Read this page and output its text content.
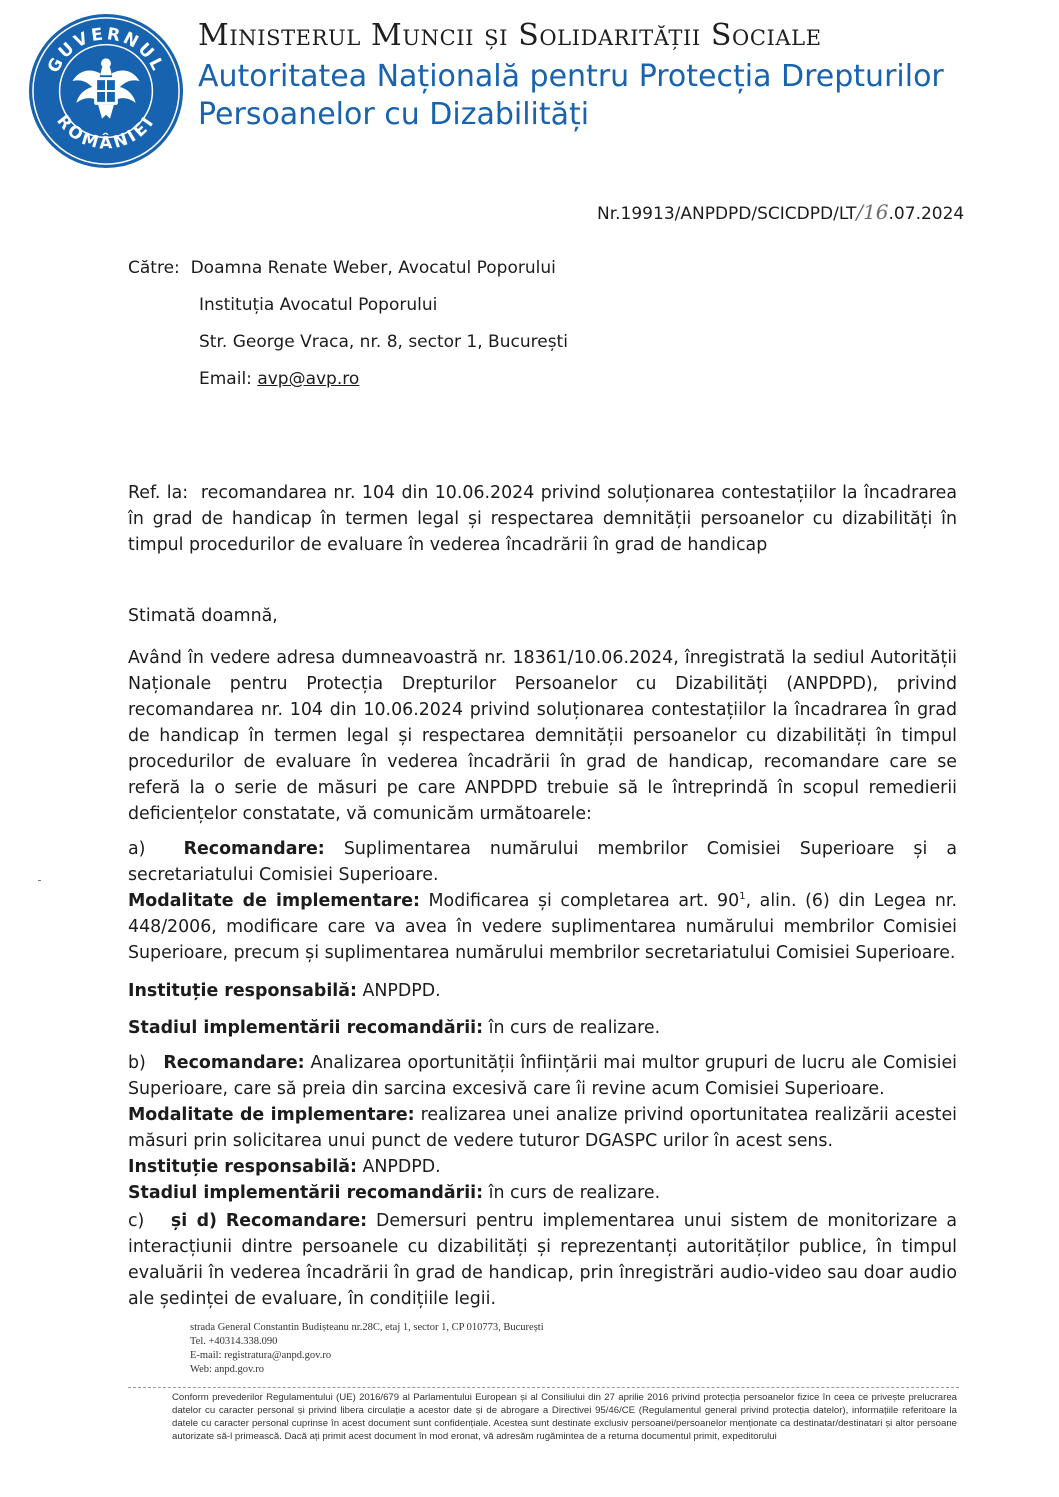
GUVERNUL
ROMÂNIEI
Ministerul Muncii și Solidarității Sociale
Autoritatea Națională pentru Protecția Drepturilor
Persoanelor cu Dizabilități
Nr.19913/ANPDPD/SCICDPD/LT/16.07.2024
Către: Doamna Renate Weber, Avocatul Poporului
Instituția Avocatul Poporului
Str. George Vraca, nr. 8, sector 1, București
Email: avp@avp.ro

Ref. la: recomandarea nr. 104 din 10.06.2024 privind soluționarea contestațiilor la încadrarea în grad de handicap în termen legal și respectarea demnității persoanelor cu dizabilități în timpul procedurilor de evaluare în vederea încadrării în grad de handicap

Stimată doamnă,

Având în vedere adresa dumneavoastră nr. 18361/10.06.2024, înregistrată la sediul Autorității Naționale pentru Protecția Drepturilor Persoanelor cu Dizabilități (ANPDPD), privind recomandarea nr. 104 din 10.06.2024 privind soluționarea contestațiilor la încadrarea în grad de handicap în termen legal și respectarea demnității persoanelor cu dizabilități în timpul procedurilor de evaluare în vederea încadrării în grad de handicap, recomandare care se referă la o serie de măsuri pe care ANPDPD trebuie să le întreprindă în scopul remedierii deficiențelor constatate, vă comunicăm următoarele:

a) Recomandare: Suplimentarea numărului membrilor Comisiei Superioare și a secretariatului Comisiei Superioare.

Modalitate de implementare: Modificarea și completarea art. $90^1$, alin. (6) din Legea nr. 448/2006, modificare care va avea în vedere suplimentarea numărului membrilor Comisiei Superioare, precum și suplimentarea numărului membrilor secretariatului Comisiei Superioare.

Instituție responsabilă: ANPDPD.

Stadiul implementării recomandării: în curs de realizare.

b) Recomandare: Analizarea oportunității înființării mai multor grupuri de lucru ale Comisiei Superioare, care să preia din sarcina excesivă care îi revine acum Comisiei Superioare.

Modalitate de implementare: realizarea unei analize privind oportunitatea realizării acestei măsuri prin solicitarea unui punct de vedere tuturor DGASPC urilor în acest sens.

Instituție responsabilă: ANPDPD.

Stadiul implementării recomandării: în curs de realizare.

c) și d) Recomandare: Demersuri pentru implementarea unui sistem de monitorizare a interacțiunii dintre persoanele cu dizabilități și reprezentanți autorităților publice, în timpul evaluării în vederea încadrării în grad de handicap, prin înregistrări audio-video sau doar audio ale ședinței de evaluare, în condițiile legii.

strada General Constantin Budișteanu nr.28C, etaj 1, sector 1, CP 010773, București
Tel. +40314.338.090
E-mail: registratura@anpd.gov.ro
Web: anpd.gov.ro
Conform prevederilor Regulamentului (UE) 2016/679 al Parlamentului European și al Consiliului din 27 aprilie 2016 privind protecția persoanelor fizice în ceea ce privește prelucrarea datelor cu caracter personal și privind libera circulație a acestor date și de abrogare a Directivei 95/46/CE (Regulamentul general privind protecția datelor), informațiile referitoare la datele cu caracter personal cuprinse în acest document sunt confidențiale. Acestea sunt destinate exclusiv persoanei/persoanelor menționate ca destinatar/destinatari și altor persoane autorizate să-l primească. Dacă ați primit acest document în mod eronat, vă adresăm rugămintea de a returna documentul primit, expeditorului
